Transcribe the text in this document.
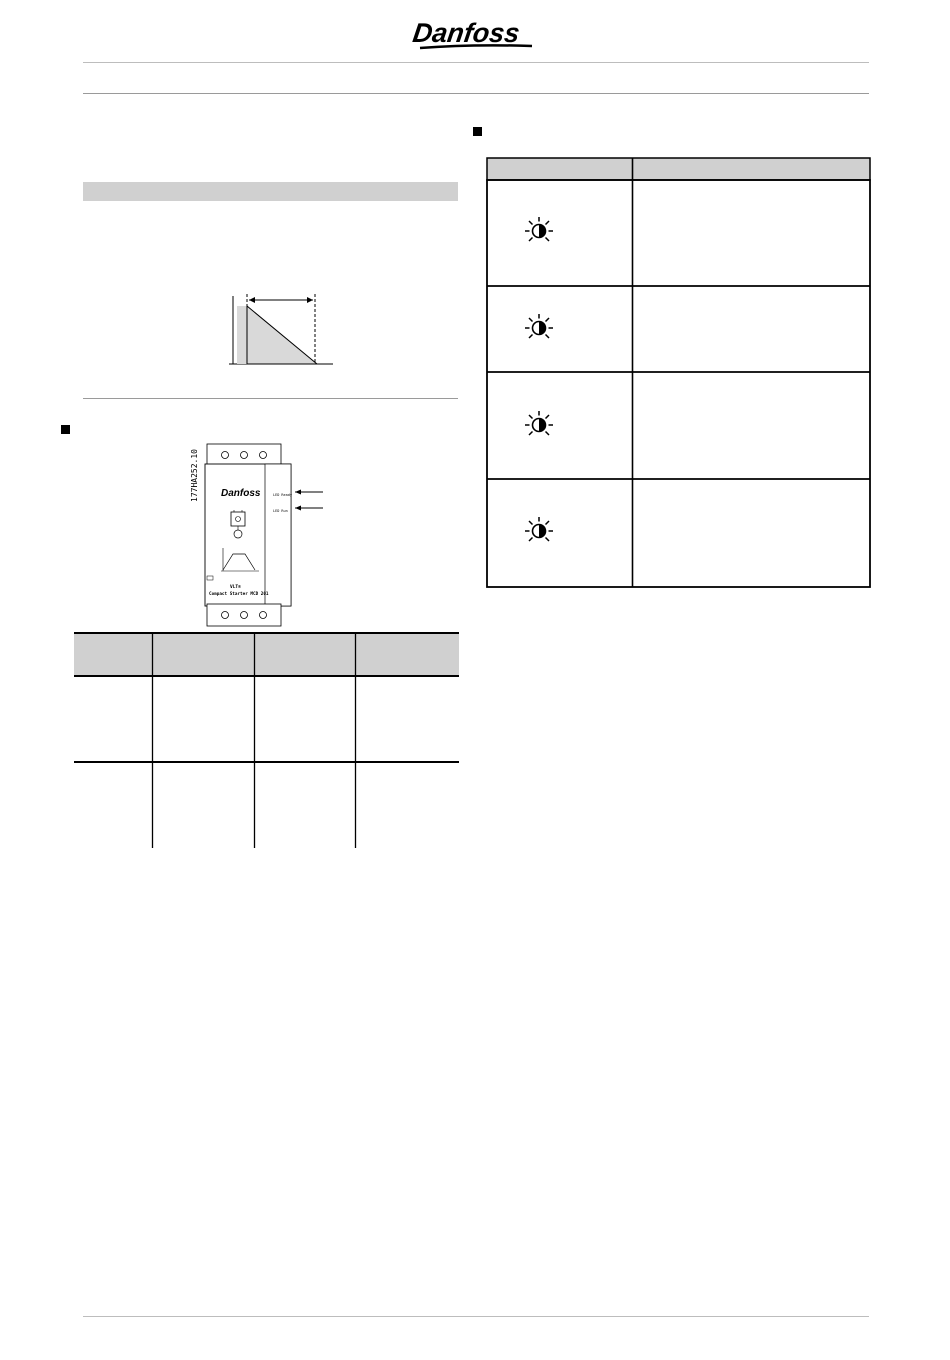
Danfoss
177HA252.10 Danfoss	LED Ready
LED Run
VLT®
Compact Starter MCD 201
